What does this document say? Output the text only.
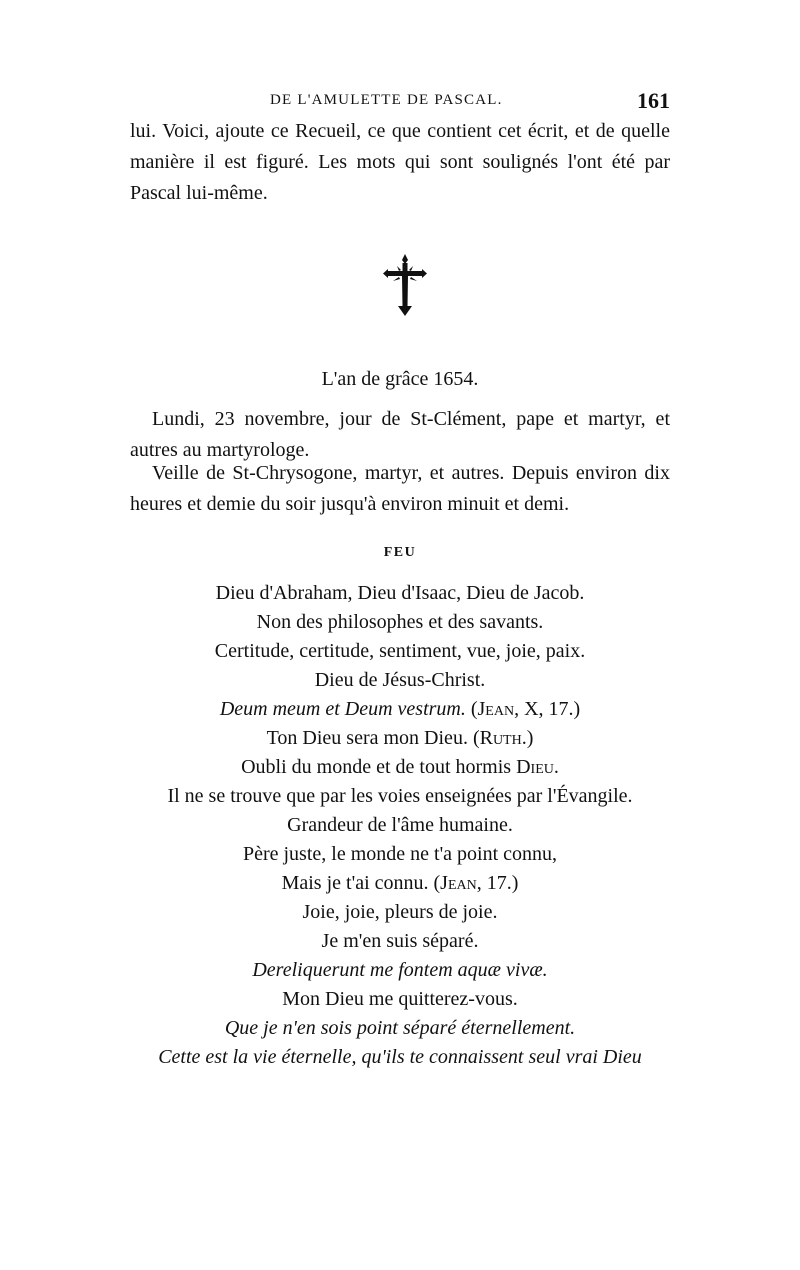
DE L'AMULETTE DE PASCAL.	161

lui. Voici, ajoute ce Recueil, ce que contient cet écrit, et de quelle manière il est figuré. Les mots qui sont soulignés l'ont été par Pascal lui-même.

L'an de grâce 1654.

Lundi, 23 novembre, jour de St-Clément, pape et martyr, et autres au martyrologe.

Veille de St-Chrysogone, martyr, et autres. Depuis environ dix heures et demie du soir jusqu'à environ minuit et demi.

FEU
Dieu d'Abraham, Dieu d'Isaac, Dieu de Jacob.
Non des philosophes et des savants.
Certitude, certitude, sentiment, vue, joie, paix.
Dieu de Jésus-Christ.
Deum meum et Deum vestrum. (Jean, X, 17.)
Ton Dieu sera mon Dieu. (Ruth.)
Oubli du monde et de tout hormis Dieu.
Il ne se trouve que par les voies enseignées par l'Évangile.
Grandeur de l'âme humaine.
Père juste, le monde ne t'a point connu,
Mais je t'ai connu. (Jean, 17.)
Joie, joie, pleurs de joie.
Je m'en suis séparé.
Dereliquerunt me fontem aquæ vivæ.
Mon Dieu me quitterez-vous.
Que je n'en sois point séparé éternellement.
Cette est la vie éternelle, qu'ils te connaissent seul vrai Dieu
